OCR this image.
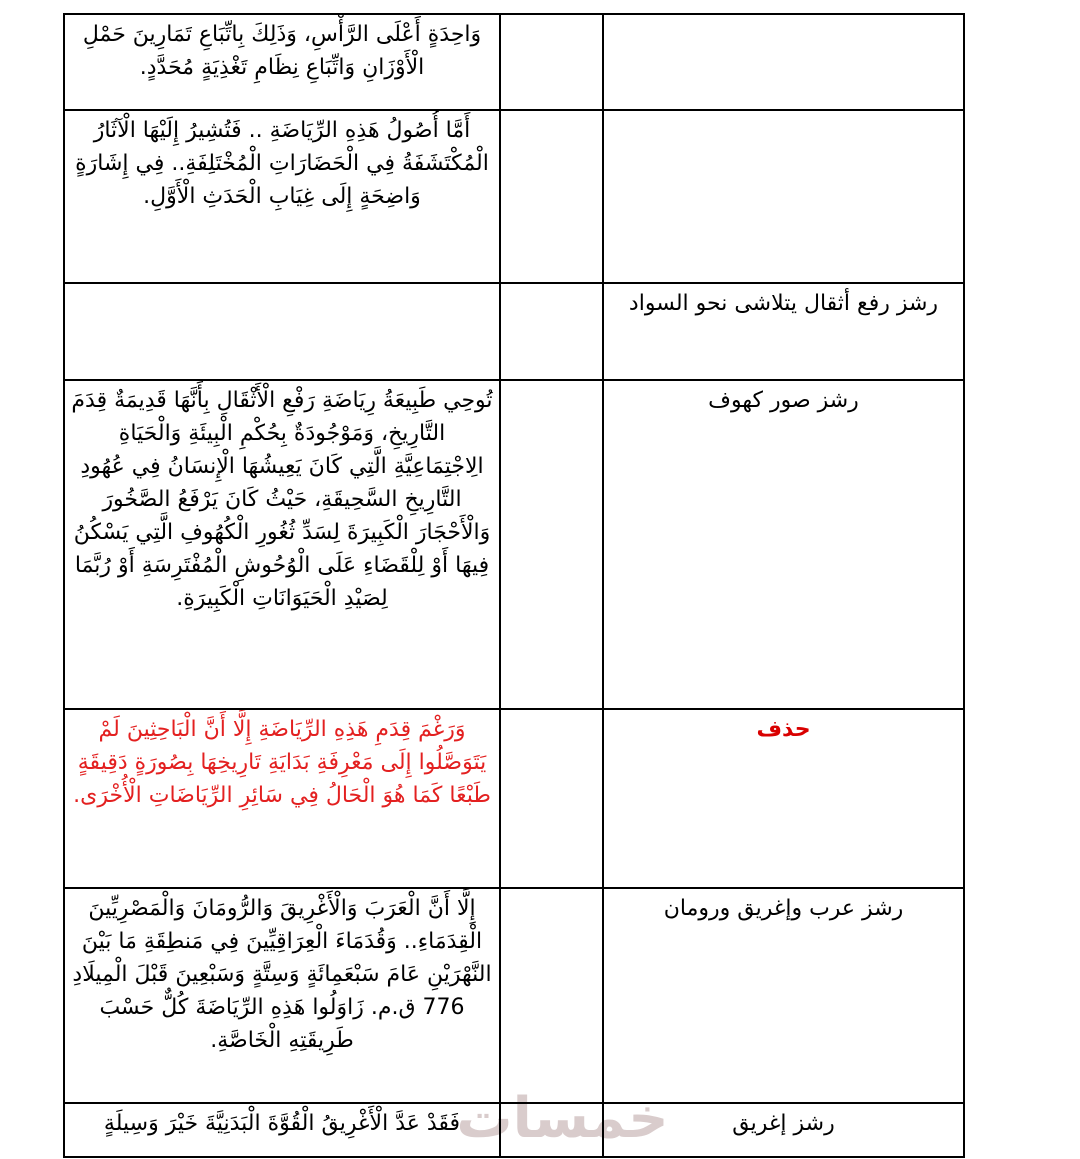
خمسات
		وَاحِدَةٍ أَعْلَى الرَّأْسِ، وَذَلِكَ بِاتِّبَاعِ تَمَارِينَ حَمْلِ الْأَوْزَانِ وَاتِّبَاعِ نِظَامِ تَغْذِيَةٍ مُحَدَّدٍ.
		أَمَّا أُصُولُ هَذِهِ الرِّيَاضَةِ .. فَتُشِيرُ إِلَيْهَا الْآثَارُ الْمُكْتَشَفَةُ فِي الْحَضَارَاتِ الْمُخْتَلِفَةِ.. فِي إِشَارَةٍ وَاضِحَةٍ إِلَى غِيَابِ الْحَدَثِ الْأَوَّلِ.
رشز رفع أثقال يتلاشى نحو السواد		
رشز صور كهوف		تُوحِي طَبِيعَةُ رِيَاضَةِ رَفْعِ الْأَثْقَالِ بِأَنَّهَا قَدِيمَةٌ قِدَمَ التَّارِيخِ، وَمَوْجُودَةٌ بِحُكْمِ الْبِيئَةِ وَالْحَيَاةِ الِاجْتِمَاعِيَّةِ الَّتِي كَانَ يَعِيشُهَا الْإِنسَانُ فِي عُهُودِ التَّارِيخِ السَّحِيقَةِ، حَيْثُ كَانَ يَرْفَعُ الصَّخُورَ وَالْأَحْجَارَ الْكَبِيرَةَ لِسَدِّ ثُغُورِ الْكُهُوفِ الَّتِي يَسْكُنُ فِيهَا أَوْ لِلْقَضَاءِ عَلَى الْوُحُوشِ الْمُفْتَرِسَةِ أَوْ رُبَّمَا لِصَيْدِ الْحَيَوَانَاتِ الْكَبِيرَةِ.
حذف		وَرَغْمَ قِدَمِ هَذِهِ الرِّيَاضَةِ إِلَّا أَنَّ الْبَاحِثِينَ لَمْ يَتَوَصَّلُوا إِلَى مَعْرِفَةِ بَدَايَةِ تَارِيخِهَا بِصُورَةٍ دَقِيقَةٍ طَبْعًا كَمَا هُوَ الْحَالُ فِي سَائِرِ الرِّيَاضَاتِ الْأُخْرَى.
رشز عرب وإغريق ورومان		إِلَّا أَنَّ الْعَرَبَ وَالْأَغْرِيقَ وَالرُّومَانَ وَالْمَصْرِيِّينَ الْقِدَمَاءِ.. وَقُدَمَاءَ الْعِرَاقِيِّينَ فِي مَنطِقَةِ مَا بَيْنَ النَّهْرَيْنِ عَامَ سَبْعَمِائَةٍ وَسِتَّةٍ وَسَبْعِينَ قَبْلَ الْمِيلَادِ 776 ق.م. زَاوَلُوا هَذِهِ الرِّيَاضَةَ كُلٌّ حَسْبَ طَرِيقَتِهِ الْخَاصَّةِ.
رشز إغريق		فَقَدْ عَدَّ الْأَغْرِيقُ الْقُوَّةَ الْبَدَنِيَّةَ خَيْرَ وَسِيلَةٍ
